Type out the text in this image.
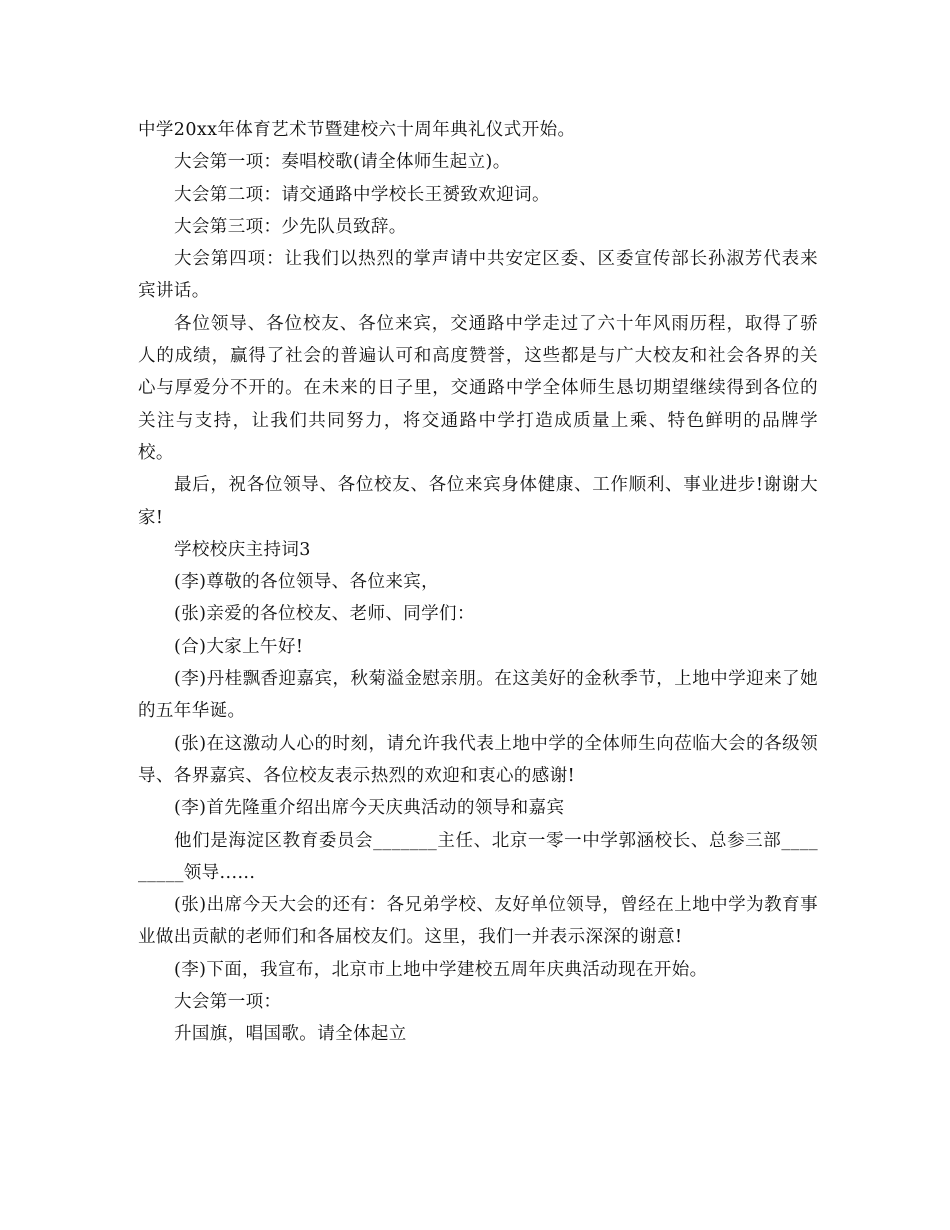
中学20xx年体育艺术节暨建校六十周年典礼仪式开始。

大会第一项：奏唱校歌(请全体师生起立)。

大会第二项：请交通路中学校长王赟致欢迎词。

大会第三项：少先队员致辞。

大会第四项：让我们以热烈的掌声请中共安定区委、区委宣传部长孙淑芳代表来宾讲话。

各位领导、各位校友、各位来宾，交通路中学走过了六十年风雨历程，取得了骄人的成绩，赢得了社会的普遍认可和高度赞誉，这些都是与广大校友和社会各界的关心与厚爱分不开的。在未来的日子里，交通路中学全体师生恳切期望继续得到各位的关注与支持，让我们共同努力，将交通路中学打造成质量上乘、特色鲜明的品牌学校。

最后，祝各位领导、各位校友、各位来宾身体健康、工作顺利、事业进步!谢谢大家!

学校校庆主持词3

(李)尊敬的各位领导、各位来宾，

(张)亲爱的各位校友、老师、同学们：

(合)大家上午好!

(李)丹桂飘香迎嘉宾，秋菊溢金慰亲朋。在这美好的金秋季节，上地中学迎来了她的五年华诞。

(张)在这激动人心的时刻，请允许我代表上地中学的全体师生向莅临大会的各级领导、各界嘉宾、各位校友表示热烈的欢迎和衷心的感谢!

(李)首先隆重介绍出席今天庆典活动的领导和嘉宾

他们是海淀区教育委员会_______主任、北京一零一中学郭涵校长、总参三部_________领导......

(张)出席今天大会的还有：各兄弟学校、友好单位领导，曾经在上地中学为教育事业做出贡献的老师们和各届校友们。这里，我们一并表示深深的谢意!

(李)下面，我宣布，北京市上地中学建校五周年庆典活动现在开始。

大会第一项：

升国旗，唱国歌。请全体起立
